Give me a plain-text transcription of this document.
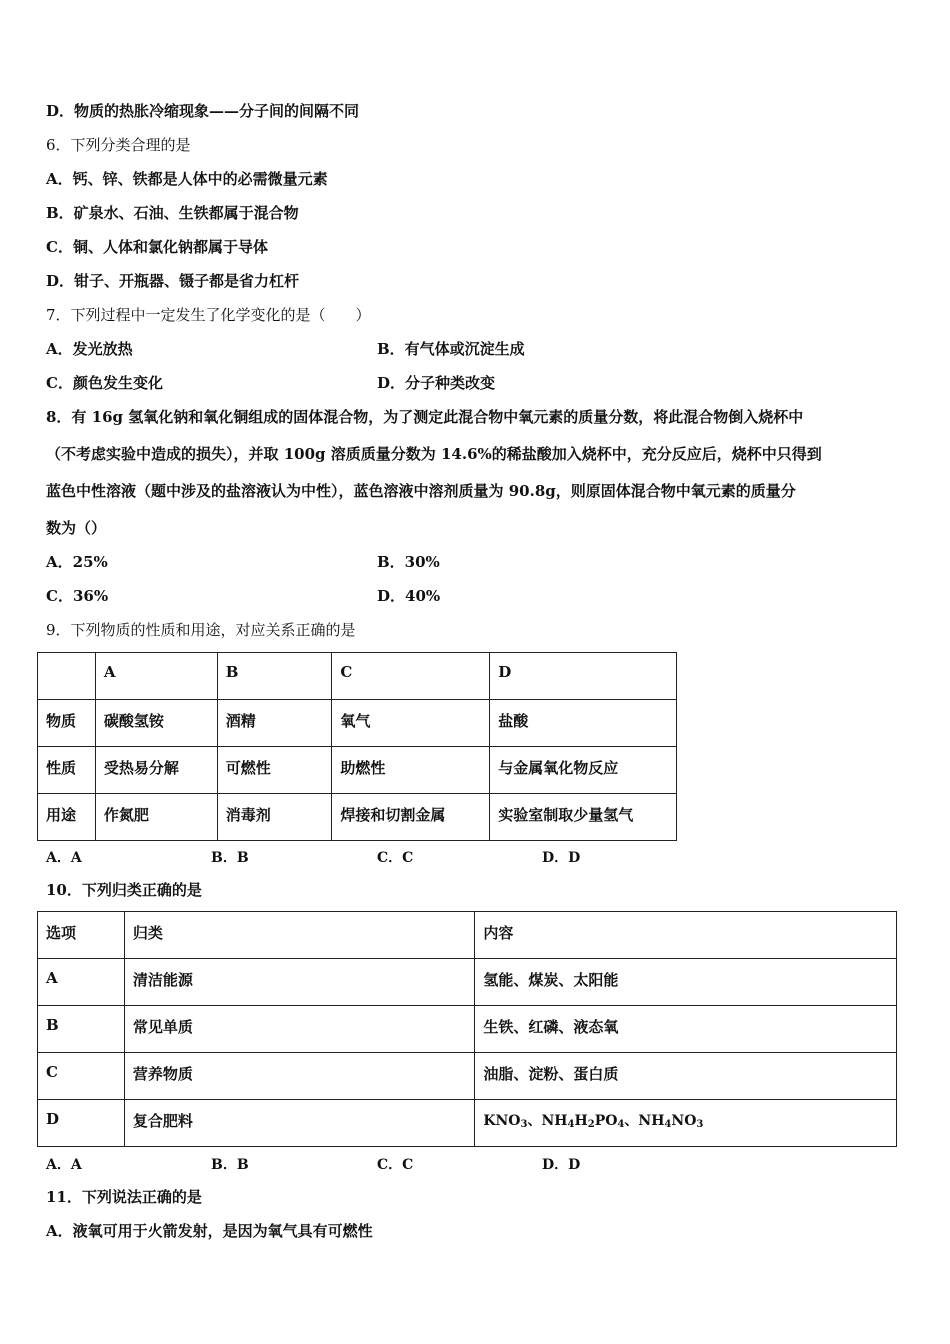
D．物质的热胀冷缩现象——分子间的间隔不同
6．下列分类合理的是
A．钙、锌、铁都是人体中的必需微量元素
B．矿泉水、石油、生铁都属于混合物
C．铜、人体和氯化钠都属于导体
D．钳子、开瓶器、镊子都是省力杠杆
7．下列过程中一定发生了化学变化的是（　　）
A．发光放热	B．有气体或沉淀生成
C．颜色发生变化	D．分子种类改变
8．有 16g 氢氧化钠和氧化铜组成的固体混合物，为了测定此混合物中氧元素的质量分数，将此混合物倒入烧杯中
（不考虑实验中造成的损失），并取 100g 溶质质量分数为 14.6%的稀盐酸加入烧杯中，充分反应后，烧杯中只得到
蓝色中性溶液（题中涉及的盐溶液认为中性），蓝色溶液中溶剂质量为 90.8g，则原固体混合物中氧元素的质量分
数为（）
A．25%	B．30%
C．36%	D．40%
9．下列物质的性质和用途，对应关系正确的是
	A	B	C	D
物质	碳酸氢铵	酒精	氧气	盐酸
性质	受热易分解	可燃性	助燃性	与金属氧化物反应
用途	作氮肥	消毒剂	焊接和切割金属	实验室制取少量氢气
A．A	B．B	C．C	D．D
10．下列归类正确的是
选项	归类	内容
A	清洁能源	氢能、煤炭、太阳能
B	常见单质	生铁、红磷、液态氧
C	营养物质	油脂、淀粉、蛋白质
D	复合肥料	$KNO_3$、$NH_4H_2PO_4$、$NH_4NO_3$
A．A	B．B	C．C	D．D
11．下列说法正确的是
A．液氧可用于火箭发射，是因为氧气具有可燃性
